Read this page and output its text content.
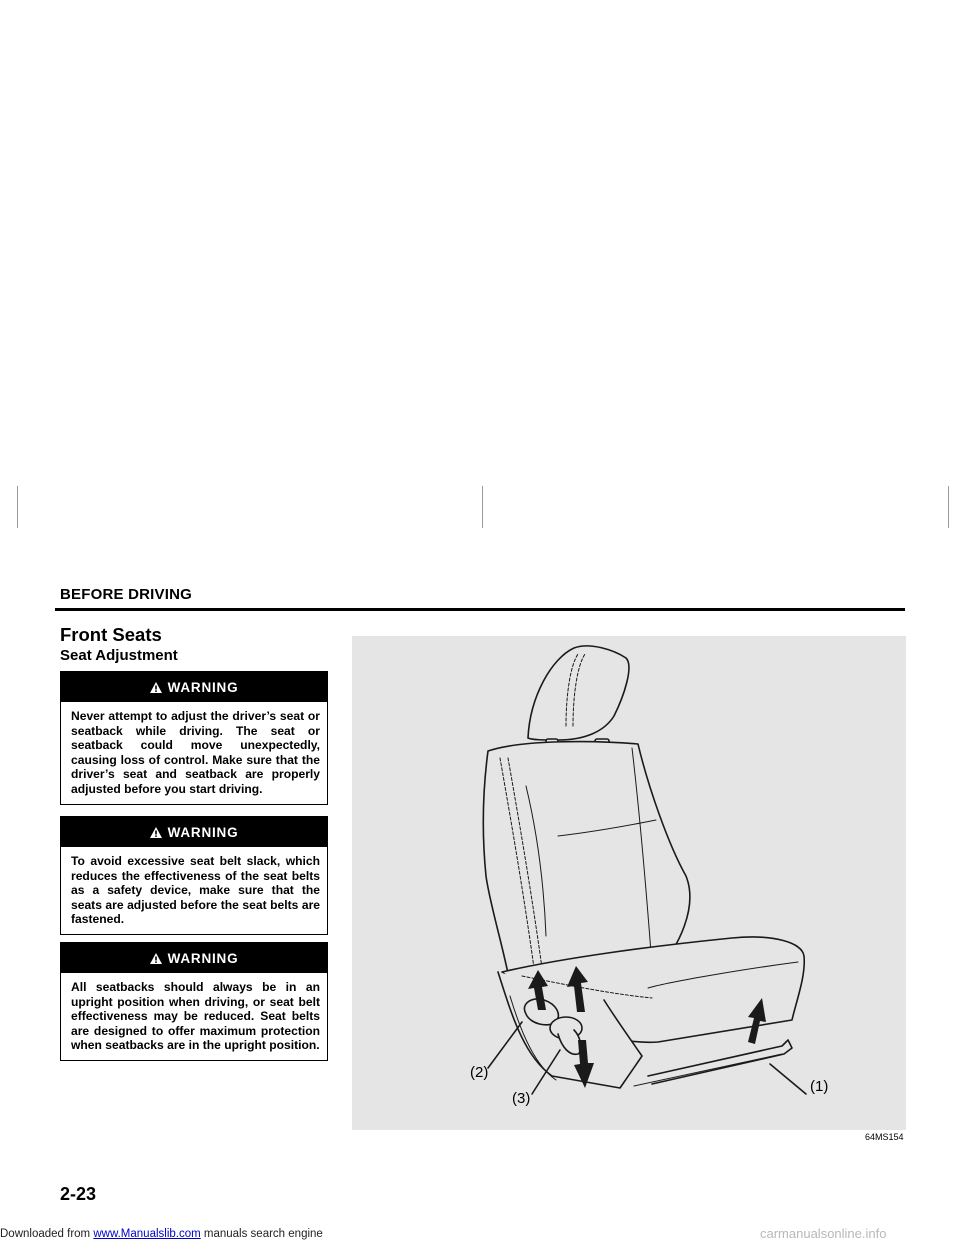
BEFORE DRIVING
Front Seats
Seat Adjustment
WARNING
Never attempt to adjust the driver’s seat or seatback while driving. The seat or seatback could move unexpectedly, causing loss of control. Make sure that the driver’s seat and seatback are properly adjusted before you start driving.
WARNING
To avoid excessive seat belt slack, which reduces the effectiveness of the seat belts as a safety device, make sure that the seats are adjusted before the seat belts are fastened.
WARNING
All seatbacks should always be in an upright position when driving, or seat belt effectiveness may be reduced. Seat belts are designed to offer maximum protection when seatbacks are in the upright position.
(1)
(2)
(3)
64MS154
2-23
Downloaded from www.Manualslib.com manuals search engine	carmanualsonline.info
